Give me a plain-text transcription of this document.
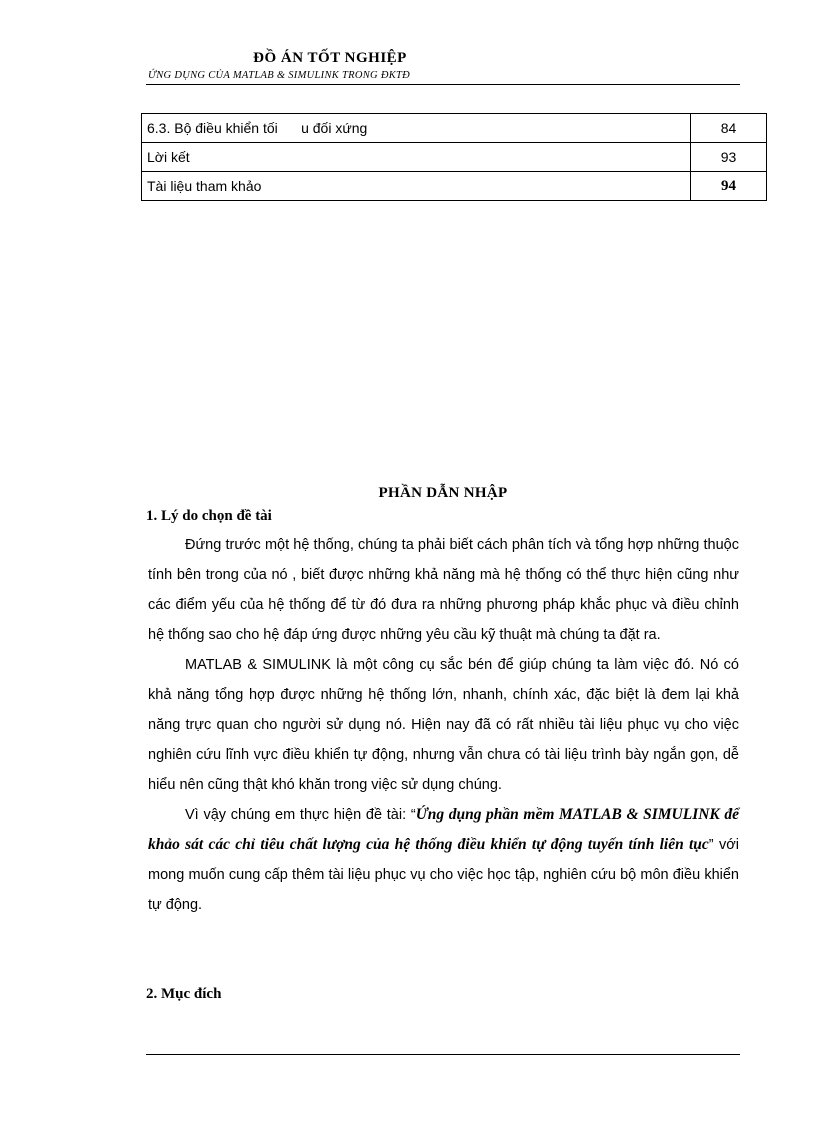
ĐỒ ÁN TỐT NGHIỆP
ỨNG DỤNG CỦA MATLAB & SIMULINK TRONG ĐKTĐ
6.3. Bộ điều khiển tối      u đối xứng	84
Lời kết	93
Tài liệu tham khảo	94
PHẦN DẪN NHẬP
1. Lý do chọn đề tài

Đứng trước một hệ thống, chúng ta phải biết cách phân tích và tổng hợp những thuộc tính bên trong của nó , biết được những khả năng mà hệ thống có thể thực hiện cũng như các điểm yếu của hệ thống để từ đó đưa ra những phương pháp khắc phục và điều chỉnh hệ thống sao cho hệ đáp ứng được những yêu cầu kỹ thuật mà chúng ta đặt ra.

MATLAB & SIMULINK là một công cụ sắc bén để giúp chúng ta làm việc đó. Nó có khả năng tổng hợp được những hệ thống lớn, nhanh, chính xác, đặc biệt là đem lại khả năng trực quan cho người sử dụng nó. Hiện nay đã có rất nhiều tài liệu phục vụ cho việc nghiên cứu lĩnh vực điều khiển tự động, nhưng vẫn chưa có tài liệu trình bày ngắn gọn, dễ hiểu nên cũng thật khó khăn trong việc sử dụng chúng.

Vì vậy chúng em thực hiện đề tài: “Ứng dụng phần mềm MATLAB & SIMULINK để khảo sát các chỉ tiêu chất lượng của hệ thống điều khiển tự động tuyến tính liên tục” với mong muốn cung cấp thêm tài liệu phục vụ cho việc học tập, nghiên cứu bộ môn điều khiển tự động.

2. Mục đích
